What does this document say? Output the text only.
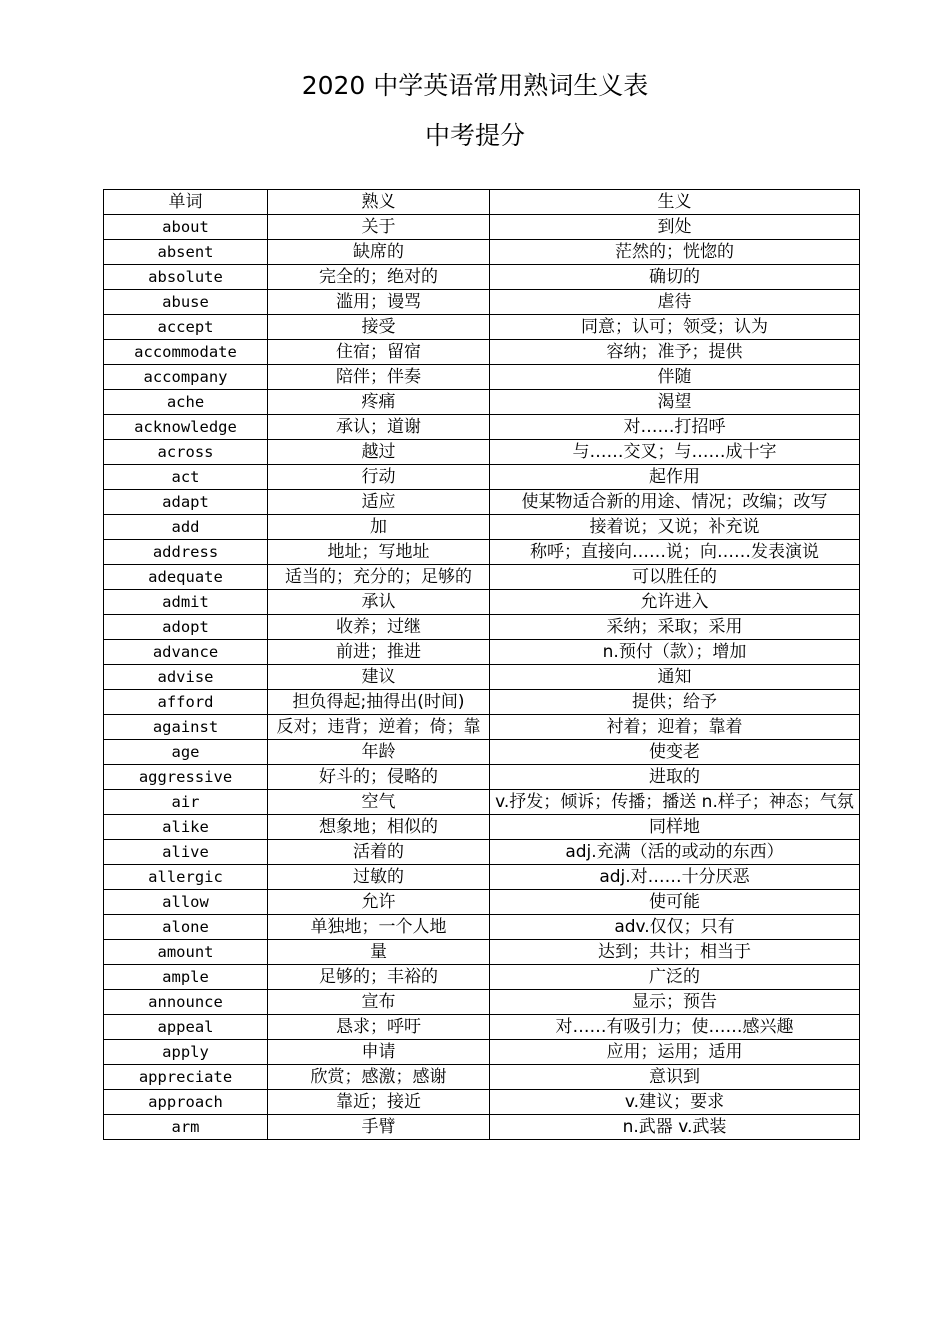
2020 中学英语常用熟词生义表
中考提分
单词	熟义	生义
about	关于	到处
absent	缺席的	茫然的；恍惚的
absolute	完全的；绝对的	确切的
abuse	滥用；谩骂	虐待
accept	接受	同意；认可；领受；认为
accommodate	住宿；留宿	容纳；准予；提供
accompany	陪伴；伴奏	伴随
ache	疼痛	渴望
acknowledge	承认；道谢	对……打招呼
across	越过	与……交叉；与……成十字
act	行动	起作用
adapt	适应	使某物适合新的用途、情况；改编；改写
add	加	接着说；又说；补充说
address	地址；写地址	称呼；直接向……说；向……发表演说
adequate	适当的；充分的；足够的	可以胜任的
admit	承认	允许进入
adopt	收养；过继	采纳；采取；采用
advance	前进；推进	n.预付（款）；增加
advise	建议	通知
afford	担负得起;抽得出(时间)	提供；给予
against	反对；违背；逆着；倚；靠	衬着；迎着；靠着
age	年龄	使变老
aggressive	好斗的；侵略的	进取的
air	空气	v.抒发；倾诉；传播；播送 n.样子；神态；气氛
alike	想象地；相似的	同样地
alive	活着的	adj.充满（活的或动的东西）
allergic	过敏的	adj.对……十分厌恶
allow	允许	使可能
alone	单独地；一个人地	adv.仅仅；只有
amount	量	达到；共计；相当于
ample	足够的；丰裕的	广泛的
announce	宣布	显示；预告
appeal	恳求；呼吁	对……有吸引力；使……感兴趣
apply	申请	应用；运用；适用
appreciate	欣赏；感激；感谢	意识到
approach	靠近；接近	v.建议；要求
arm	手臂	n.武器 v.武装
